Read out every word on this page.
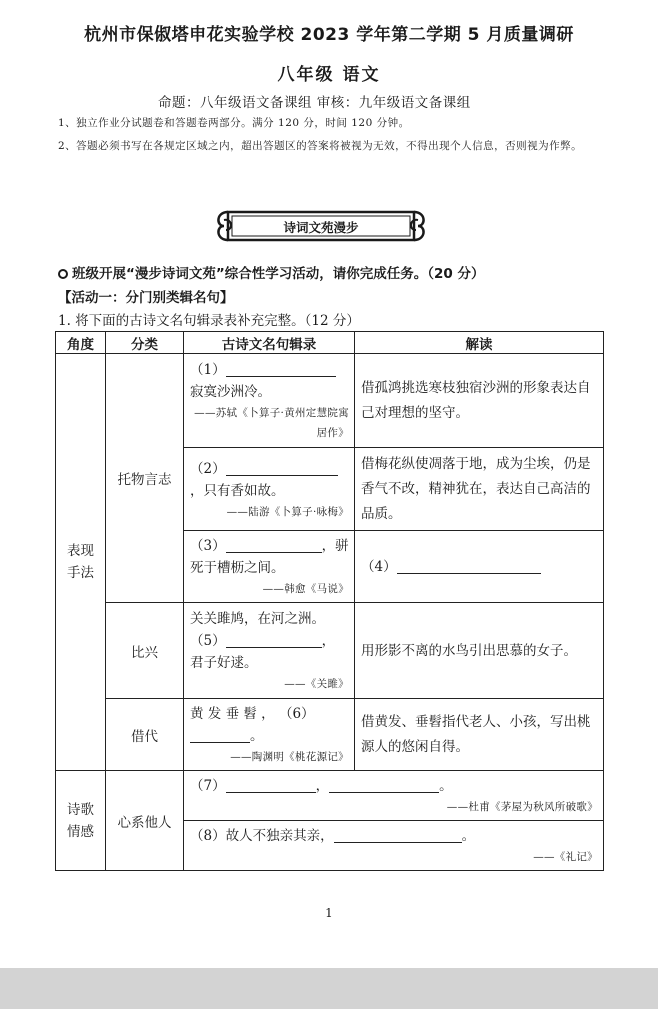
杭州市保俶塔申花实验学校 2023 学年第二学期 5 月质量调研
八年级 语文
命题：八年级语文备课组 审核：九年级语文备课组
1、独立作业分试题卷和答题卷两部分。满分 120 分，时间 120 分钟。
2、答题必须书写在各规定区域之内，超出答题区的答案将被视为无效，不得出现个人信息，否则视为作弊。
诗词文苑漫步
班级开展“漫步诗词文苑”综合性学习活动，请你完成任务。（20 分）
【活动一：分门别类辑名句】
1. 将下面的古诗文名句辑录表补充完整。（12 分）
角度	分类	古诗文名句辑录	解读
表现手法	托物言志	（1）
寂寞沙洲冷。
——苏轼《卜算子·黄州定慧院寓居作》	借孤鸿挑选寒枝独宿沙洲的形象表达自己对理想的坚守。

		（2）
，只有香如故。
——陆游《卜算子·咏梅》	借梅花纵使凋落于地，成为尘埃，仍是香气不改，精神犹在，表达自己高洁的品质。

		（3） ，骈
死于槽枥之间。
——韩愈《马说》	（4）
	比兴	关关雎鸠，在河之洲。
（5） ，
君子好逑。
——《关雎》	用形影不离的水鸟引出思慕的女子。
	借代	黄 发 垂 髫 ， （6）
。
——陶渊明《桃花源记》	借黄发、垂髫指代老人、小孩，写出桃源人的悠闲自得。

诗歌情感	心系他人	（7） ， 。
——杜甫《茅屋为秋风所破歌》	

		（8）故人不独亲其亲， 。
——《礼记》	
1
